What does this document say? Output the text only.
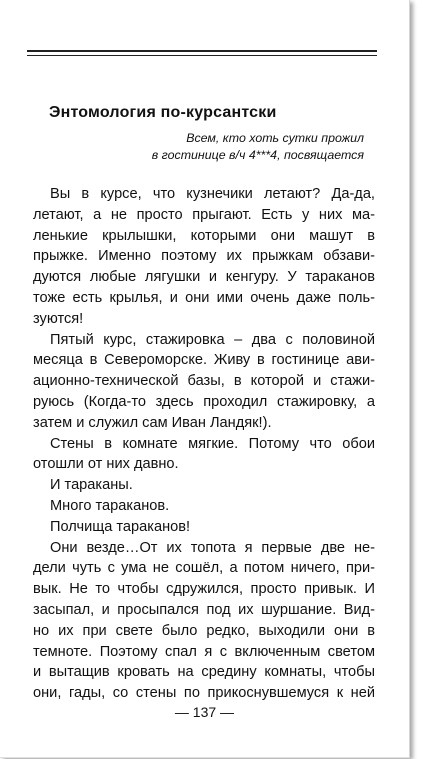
Энтомология по-курсантски
Всем, кто хоть сутки прожил
в гостинице в/ч 4***4, посвящается
Вы в курсе, что кузнечики летают? Да-да,
летают, а не просто прыгают. Есть у них ма-
ленькие крылышки, которыми они машут в
прыжке. Именно поэтому их прыжкам обзави-
дуются любые лягушки и кенгуру. У тараканов
тоже есть крылья, и они ими очень даже поль-
зуются!
Пятый курс, стажировка – два с половиной
месяца в Североморске. Живу в гостинице ави-
ационно-технической базы, в которой и стажи-
руюсь (Когда-то здесь проходил стажировку, а
затем и служил сам Иван Ландяк!).
Стены в комнате мягкие. Потому что обои
отошли от них давно.
И тараканы.
Много тараканов.
Полчища тараканов!
Они везде…От их топота я первые две не-
дели чуть с ума не сошёл, а потом ничего, при-
вык. Не то чтобы сдружился, просто привык. И
засыпал, и просыпался под их шуршание. Вид-
но их при свете было редко, выходили они в
темноте. Поэтому спал я с включенным светом
и вытащив кровать на средину комнаты, чтобы
они, гады, со стены по прикоснувшемуся к ней
— 137 —
